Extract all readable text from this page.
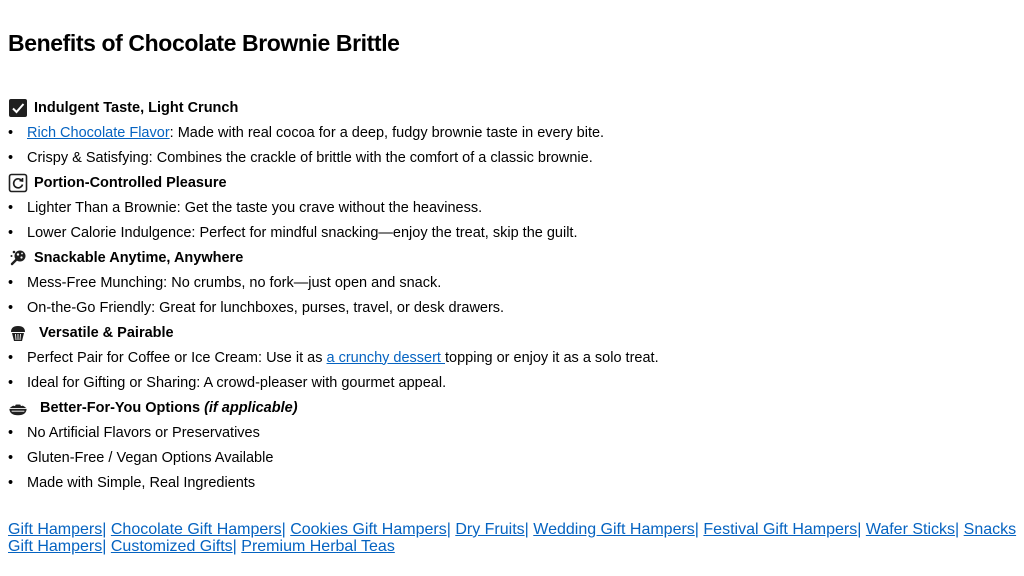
Benefits of Chocolate Brownie Brittle
Indulgent Taste, Light Crunch
• Rich Chocolate Flavor : Made with real cocoa for a deep, fudgy brownie taste in every bite.
• Crispy & Satisfying: Combines the crackle of brittle with the comfort of a classic brownie.
Portion-Controlled Pleasure
• Lighter Than a Brownie: Get the taste you crave without the heaviness.
• Lower Calorie Indulgence: Perfect for mindful snacking—enjoy the treat, skip the guilt.
Snackable Anytime, Anywhere
• Mess-Free Munching: No crumbs, no fork—just open and snack.
• On-the-Go Friendly: Great for lunchboxes, purses, travel, or desk drawers.
Versatile & Pairable
• Perfect Pair for Coffee or Ice Cream: Use it as a crunchy dessert topping or enjoy it as a solo treat.
• Ideal for Gifting or Sharing: A crowd-pleaser with gourmet appeal.
Better-For-You Options (if applicable)
• No Artificial Flavors or Preservatives
• Gluten-Free / Vegan Options Available
• Made with Simple, Real Ingredients
Gift Hampers| Chocolate Gift Hampers| Cookies Gift Hampers| Dry Fruits| Wedding Gift Hampers| Festival Gift Hampers| Wafer Sticks| Snacks Gift Hampers| Customized Gifts| Premium Herbal Teas
